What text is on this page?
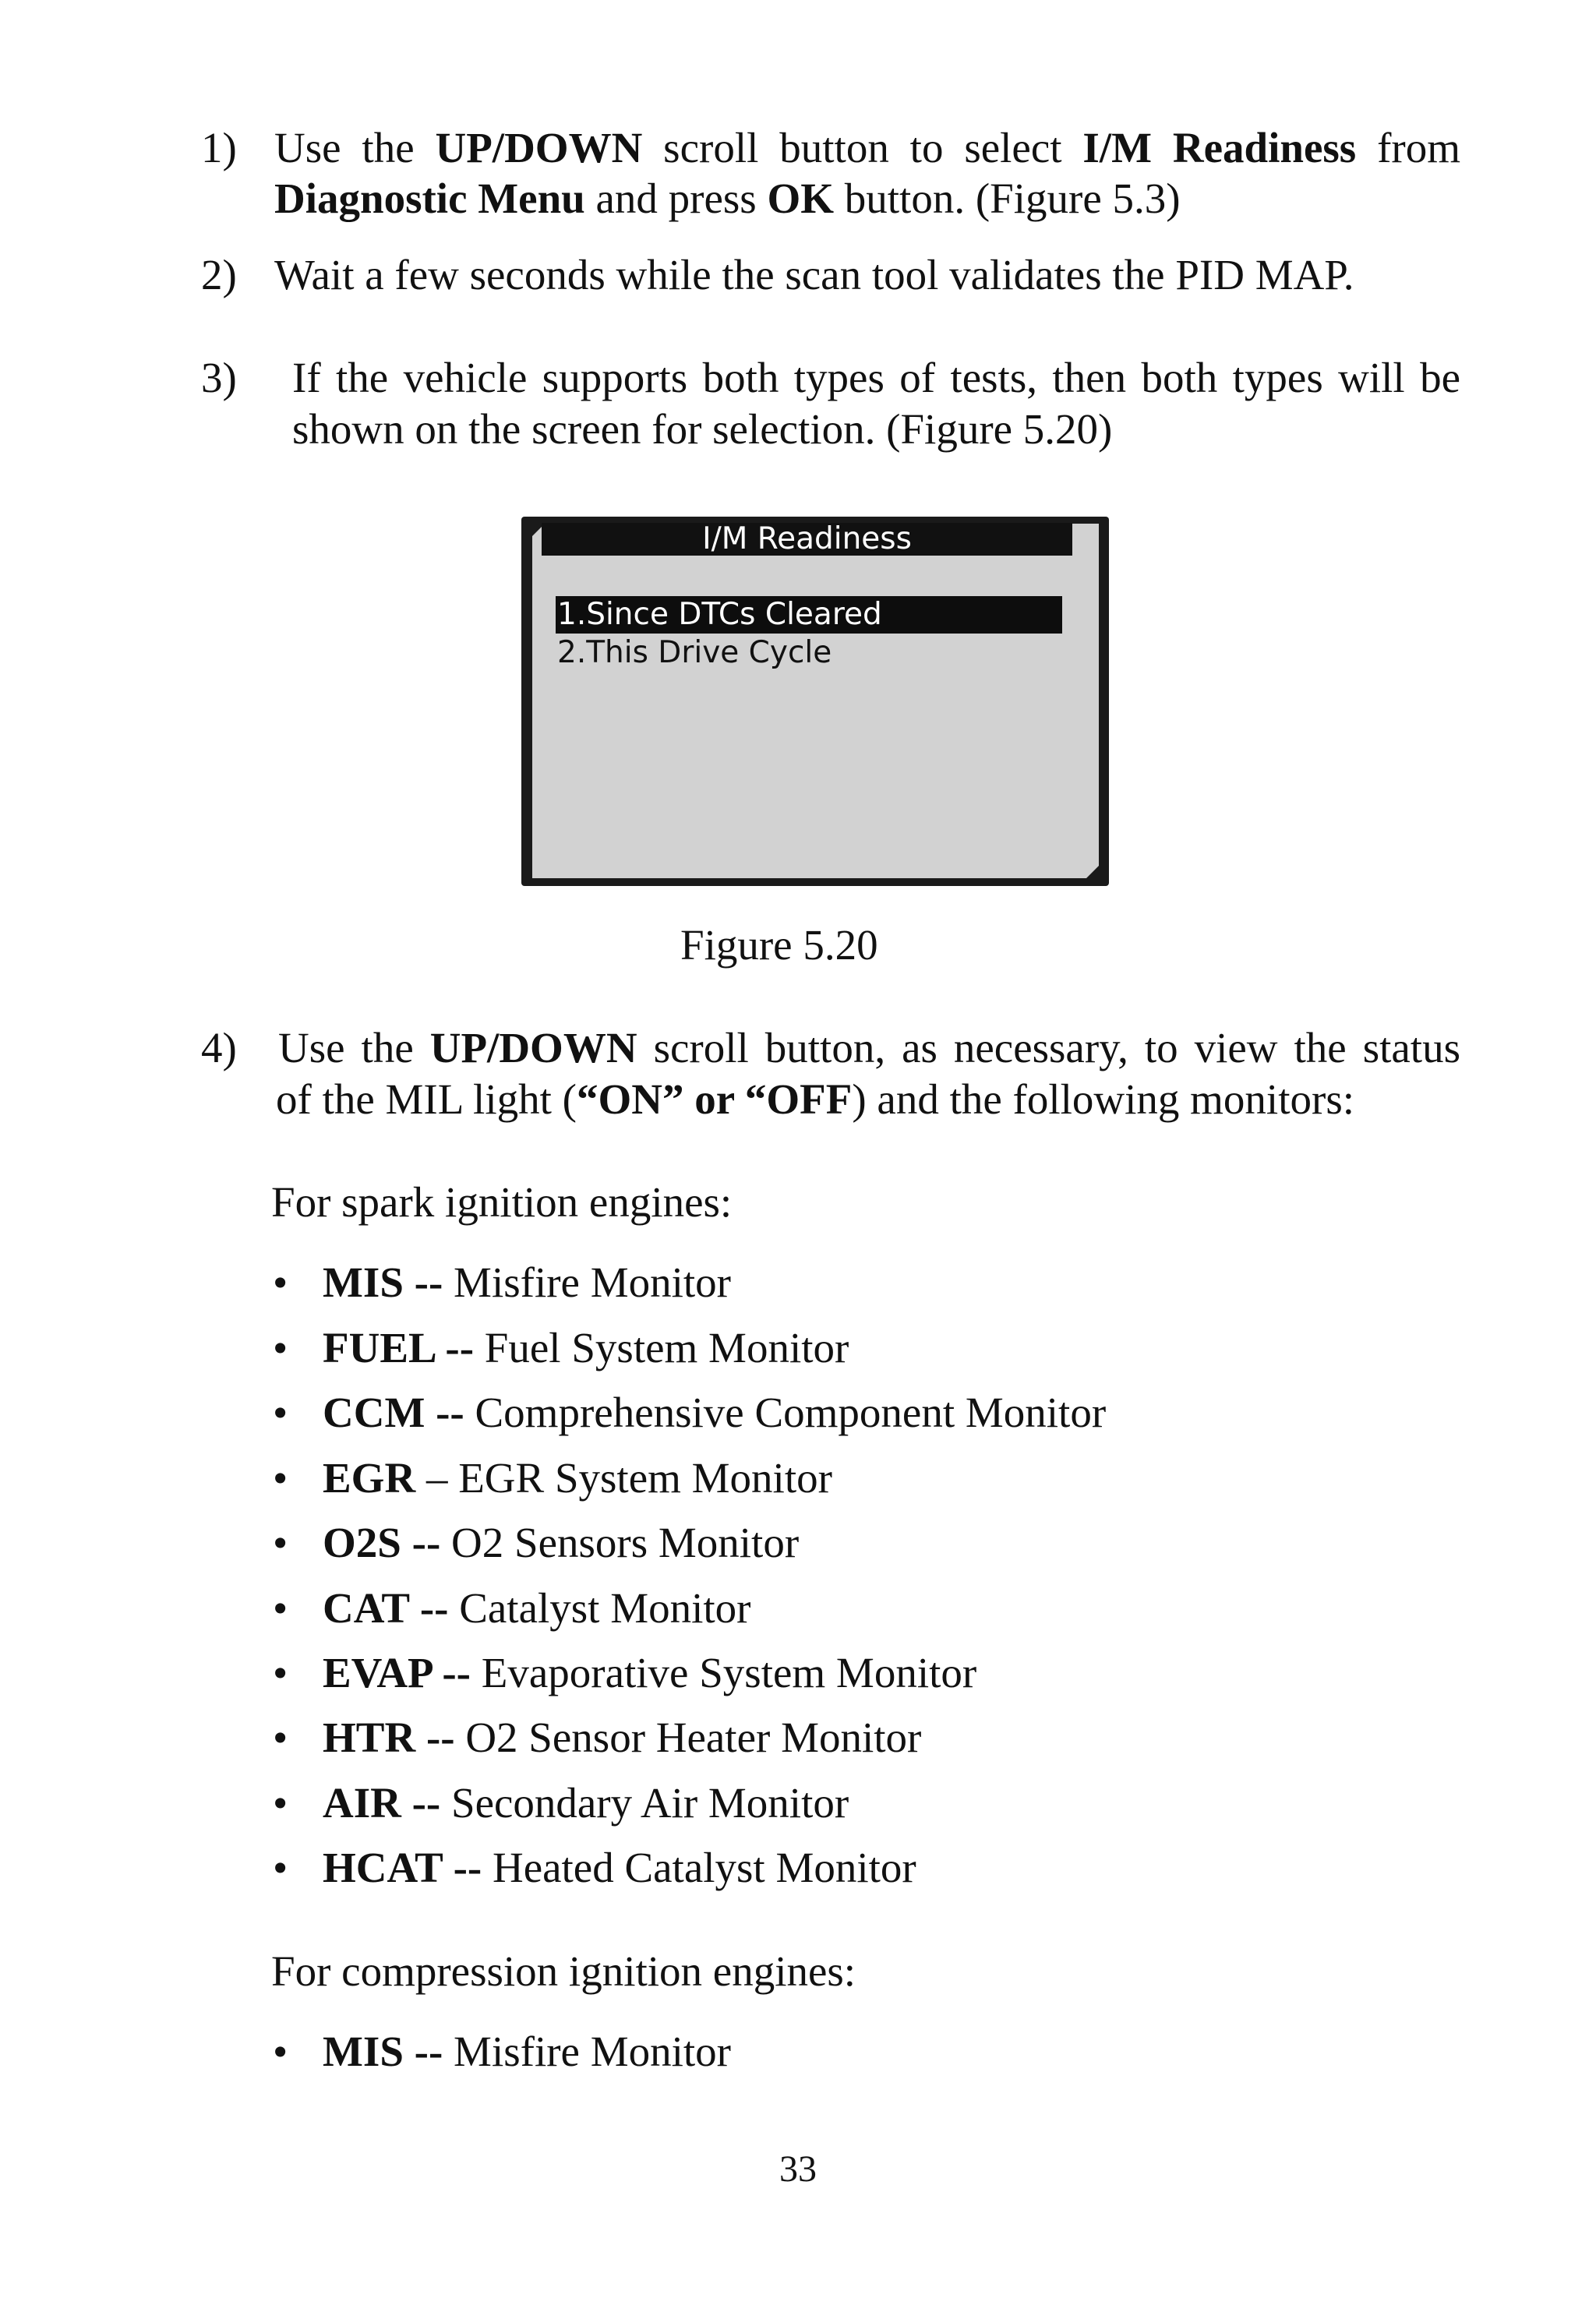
1) Use the UP/DOWN scroll button to select I/M Readiness from
Diagnostic Menu and press OK button. (Figure 5.3)
2) Wait a few seconds while the scan tool validates the PID MAP.
3) If the vehicle supports both types of tests, then both types will be
shown on the screen for selection. (Figure 5.20)
I/M Readiness
1.Since DTCs Cleared
2.This Drive Cycle
Figure 5.20
4) Use the UP/DOWN scroll button, as necessary, to view the status
of the MIL light (“ON” or “OFF) and the following monitors:
For spark ignition engines:
• MIS -- Misfire Monitor
• FUEL -- Fuel System Monitor
• CCM -- Comprehensive Component Monitor
• EGR – EGR System Monitor
• O2S -- O2 Sensors Monitor
• CAT -- Catalyst Monitor
• EVAP -- Evaporative System Monitor
• HTR -- O2 Sensor Heater Monitor
• AIR -- Secondary Air Monitor
• HCAT -- Heated Catalyst Monitor
For compression ignition engines:
• MIS -- Misfire Monitor
33
